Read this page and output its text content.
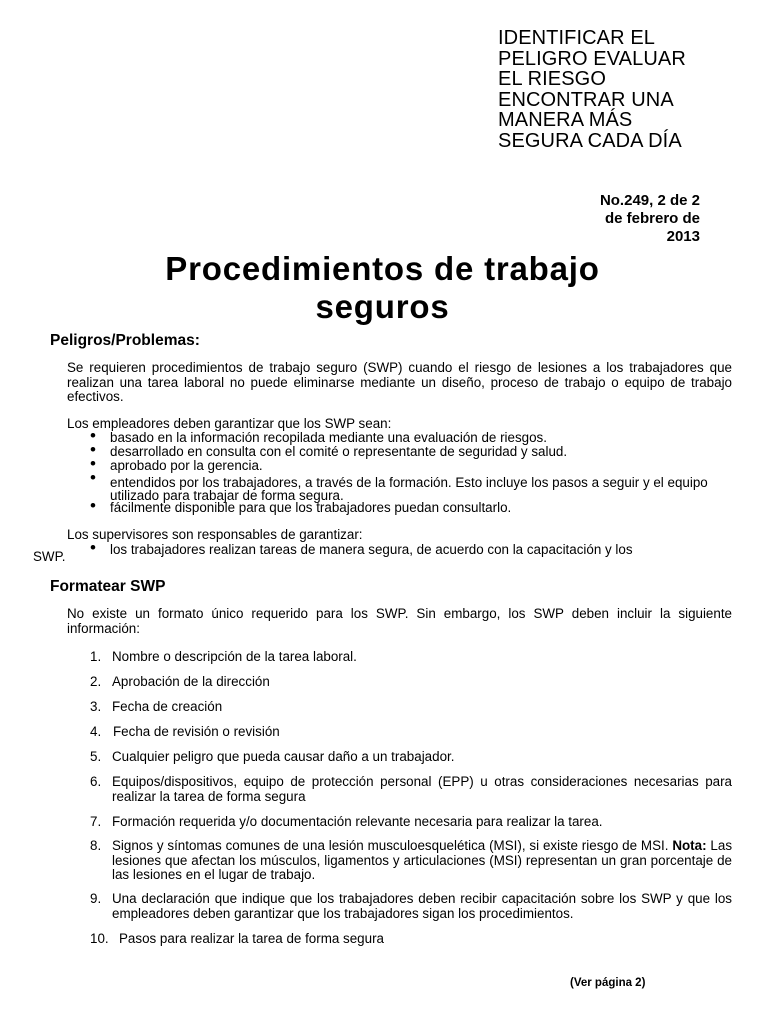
IDENTIFICAR EL
PELIGRO EVALUAR
EL RIESGO
ENCONTRAR UNA
MANERA MÁS
SEGURA CADA DÍA
No.249, 2 de 2
de febrero de
2013
Procedimientos de trabajo
seguros
Peligros/Problemas:
Se requieren procedimientos de trabajo seguro (SWP) cuando el riesgo de lesiones a los trabajadores que realizan una tarea laboral no puede eliminarse mediante un diseño, proceso de trabajo o equipo de trabajo efectivos.
Los empleadores deben garantizar que los SWP sean:
• basado en la información recopilada mediante una evaluación de riesgos.
• desarrollado en consulta con el comité o representante de seguridad y salud.
• aprobado por la gerencia.
• entendidos por los trabajadores, a través de la formación. Esto incluye los pasos a seguir y el equipo utilizado para trabajar de forma segura.
• fácilmente disponible para que los trabajadores puedan consultarlo.
Los supervisores son responsables de garantizar:
• los trabajadores realizan tareas de manera segura, de acuerdo con la capacitación y los
SWP.
Formatear SWP
No existe un formato único requerido para los SWP. Sin embargo, los SWP deben incluir la siguiente información:
1. Nombre o descripción de la tarea laboral.
2. Aprobación de la dirección
3. Fecha de creación
4. Fecha de revisión o revisión
5. Cualquier peligro que pueda causar daño a un trabajador.
6. Equipos/dispositivos, equipo de protección personal (EPP) u otras consideraciones necesarias para realizar la tarea de forma segura
7. Formación requerida y/o documentación relevante necesaria para realizar la tarea.
8. Signos y síntomas comunes de una lesión musculoesquelética (MSI), si existe riesgo de MSI. Nota: Las lesiones que afectan los músculos, ligamentos y articulaciones (MSI) representan un gran porcentaje de las lesiones en el lugar de trabajo.
9. Una declaración que indique que los trabajadores deben recibir capacitación sobre los SWP y que los empleadores deben garantizar que los trabajadores sigan los procedimientos.
10. Pasos para realizar la tarea de forma segura
(Ver página 2)
